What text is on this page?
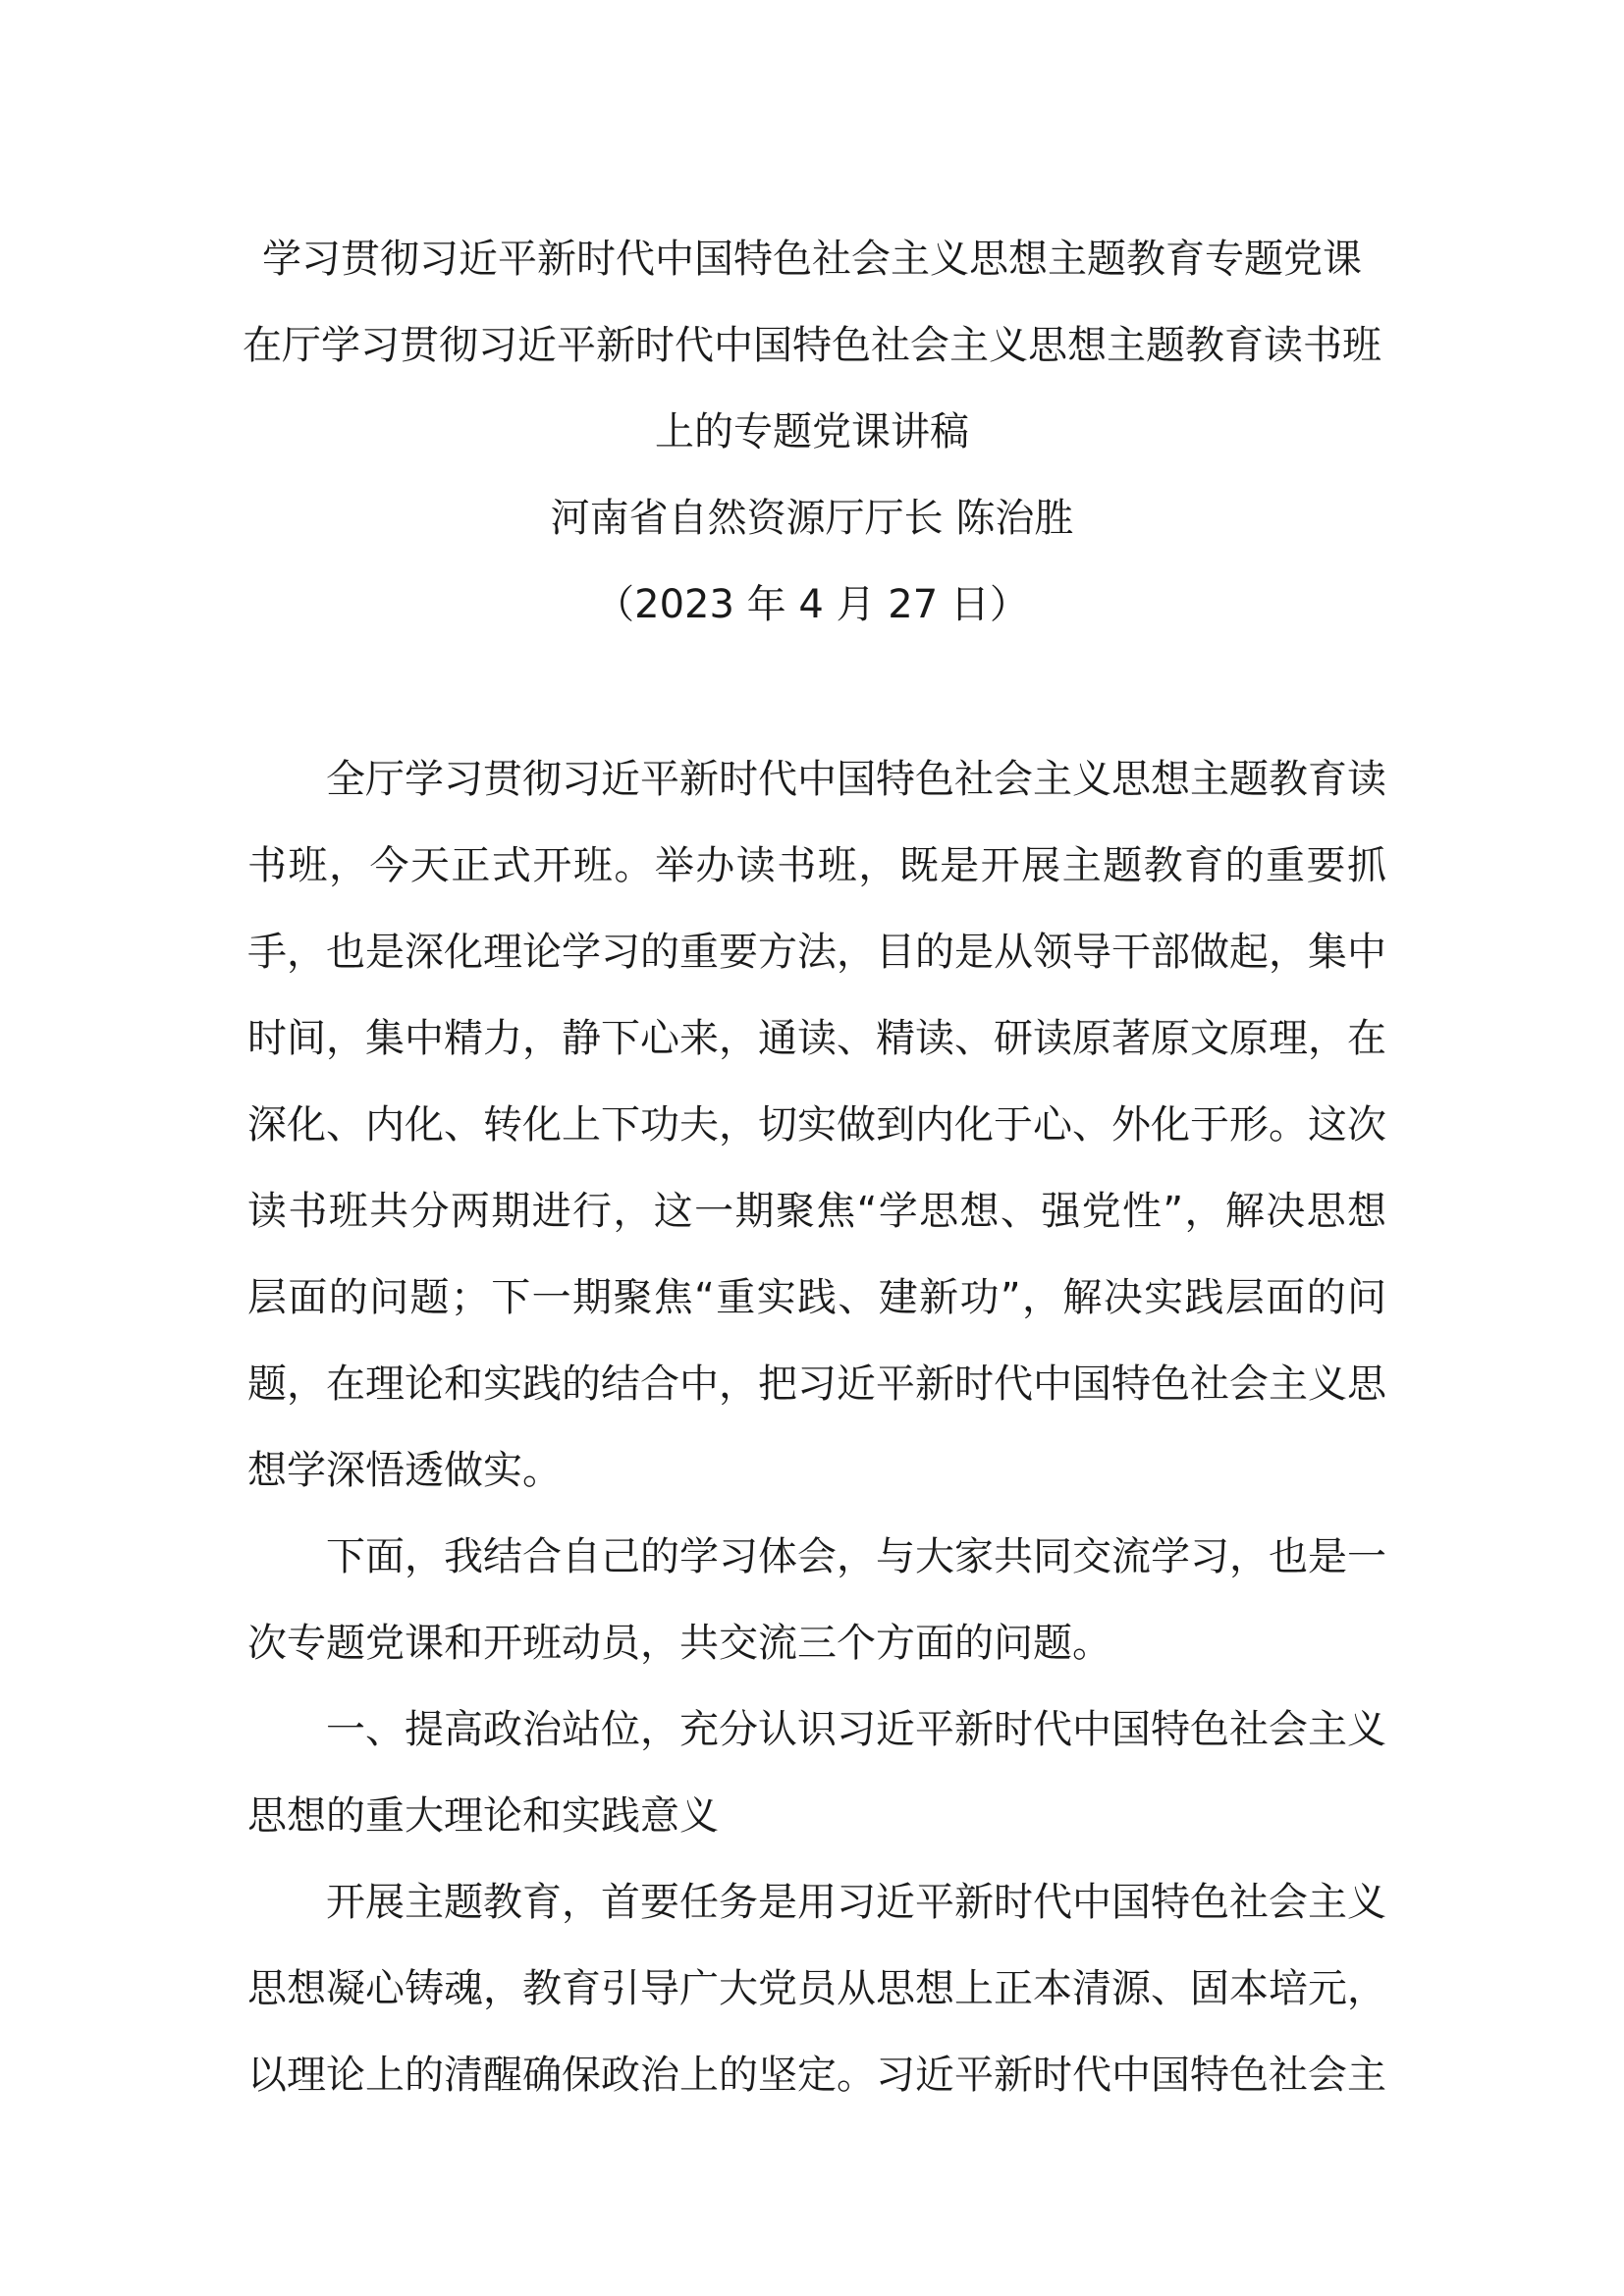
学习贯彻习近平新时代中国特色社会主义思想主题教育专题党课
在厅学习贯彻习近平新时代中国特色社会主义思想主题教育读书班
上的专题党课讲稿
河南省自然资源厅厅长 陈治胜
（2023 年 4 月 27 日）

全厅学习贯彻习近平新时代中国特色社会主义思想主题教育读书班，今天正式开班。举办读书班，既是开展主题教育的重要抓手，也是深化理论学习的重要方法，目的是从领导干部做起，集中时间，集中精力，静下心来，通读、精读、研读原著原文原理，在深化、内化、转化上下功夫，切实做到内化于心、外化于形。这次读书班共分两期进行，这一期聚焦“学思想、强党性”，解决思想层面的问题；下一期聚焦“重实践、建新功”，解决实践层面的问题，在理论和实践的结合中，把习近平新时代中国特色社会主义思想学深悟透做实。

下面，我结合自己的学习体会，与大家共同交流学习，也是一次专题党课和开班动员，共交流三个方面的问题。

一、提高政治站位，充分认识习近平新时代中国特色社会主义思想的重大理论和实践意义

开展主题教育，首要任务是用习近平新时代中国特色社会主义思想凝心铸魂，教育引导广大党员从思想上正本清源、固本培元，以理论上的清醒确保政治上的坚定。习近平新时代中国特色社会主
